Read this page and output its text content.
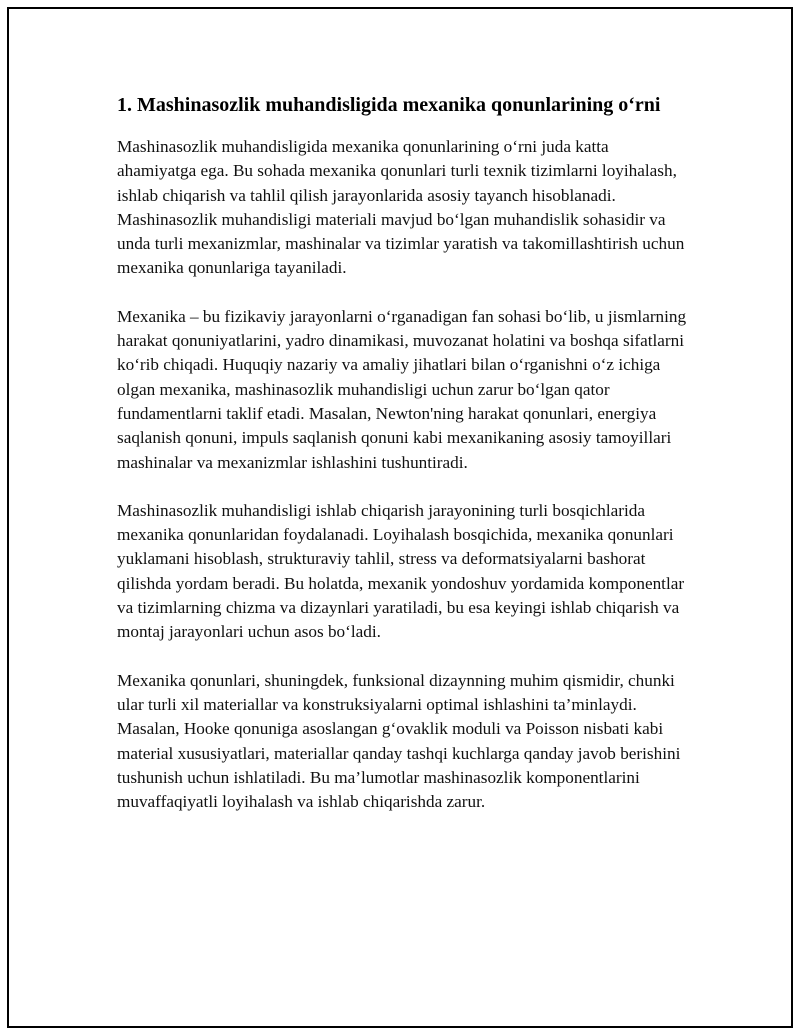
1. Mashinasozlik muhandisligida mexanika qonunlarining o‘rni

Mashinasozlik muhandisligida mexanika qonunlarining o‘rni juda katta ahamiyatga ega. Bu sohada mexanika qonunlari turli texnik tizimlarni loyihalash, ishlab chiqarish va tahlil qilish jarayonlarida asosiy tayanch hisoblanadi. Mashinasozlik muhandisligi materiali mavjud bo‘lgan muhandislik sohasidir va unda turli mexanizmlar, mashinalar va tizimlar yaratish va takomillashtirish uchun mexanika qonunlariga tayaniladi.

Mexanika – bu fizikaviy jarayonlarni o‘rganadigan fan sohasi bo‘lib, u jismlarning harakat qonuniyatlarini, yadro dinamikasi, muvozanat holatini va boshqa sifatlarni ko‘rib chiqadi. Huquqiy nazariy va amaliy jihatlari bilan o‘rganishni o‘z ichiga olgan mexanika, mashinasozlik muhandisligi uchun zarur bo‘lgan qator fundamentlarni taklif etadi. Masalan, Newton'ning harakat qonunlari, energiya saqlanish qonuni, impuls saqlanish qonuni kabi mexanikaning asosiy tamoyillari mashinalar va mexanizmlar ishlashini tushuntiradi.

Mashinasozlik muhandisligi ishlab chiqarish jarayonining turli bosqichlarida mexanika qonunlaridan foydalanadi. Loyihalash bosqichida, mexanika qonunlari yuklamani hisoblash, strukturaviy tahlil, stress va deformatsiyalarni bashorat qilishda yordam beradi. Bu holatda, mexanik yondoshuv yordamida komponentlar va tizimlarning chizma va dizaynlari yaratiladi, bu esa keyingi ishlab chiqarish va montaj jarayonlari uchun asos bo‘ladi.

Mexanika qonunlari, shuningdek, funksional dizaynning muhim qismidir, chunki ular turli xil materiallar va konstruksiyalarni optimal ishlashini ta’minlaydi. Masalan, Hooke qonuniga asoslangan g‘ovaklik moduli va Poisson nisbati kabi material xususiyatlari, materiallar qanday tashqi kuchlarga qanday javob berishini tushunish uchun ishlatiladi. Bu ma’lumotlar mashinasozlik komponentlarini muvaffaqiyatli loyihalash va ishlab chiqarishda zarur.
